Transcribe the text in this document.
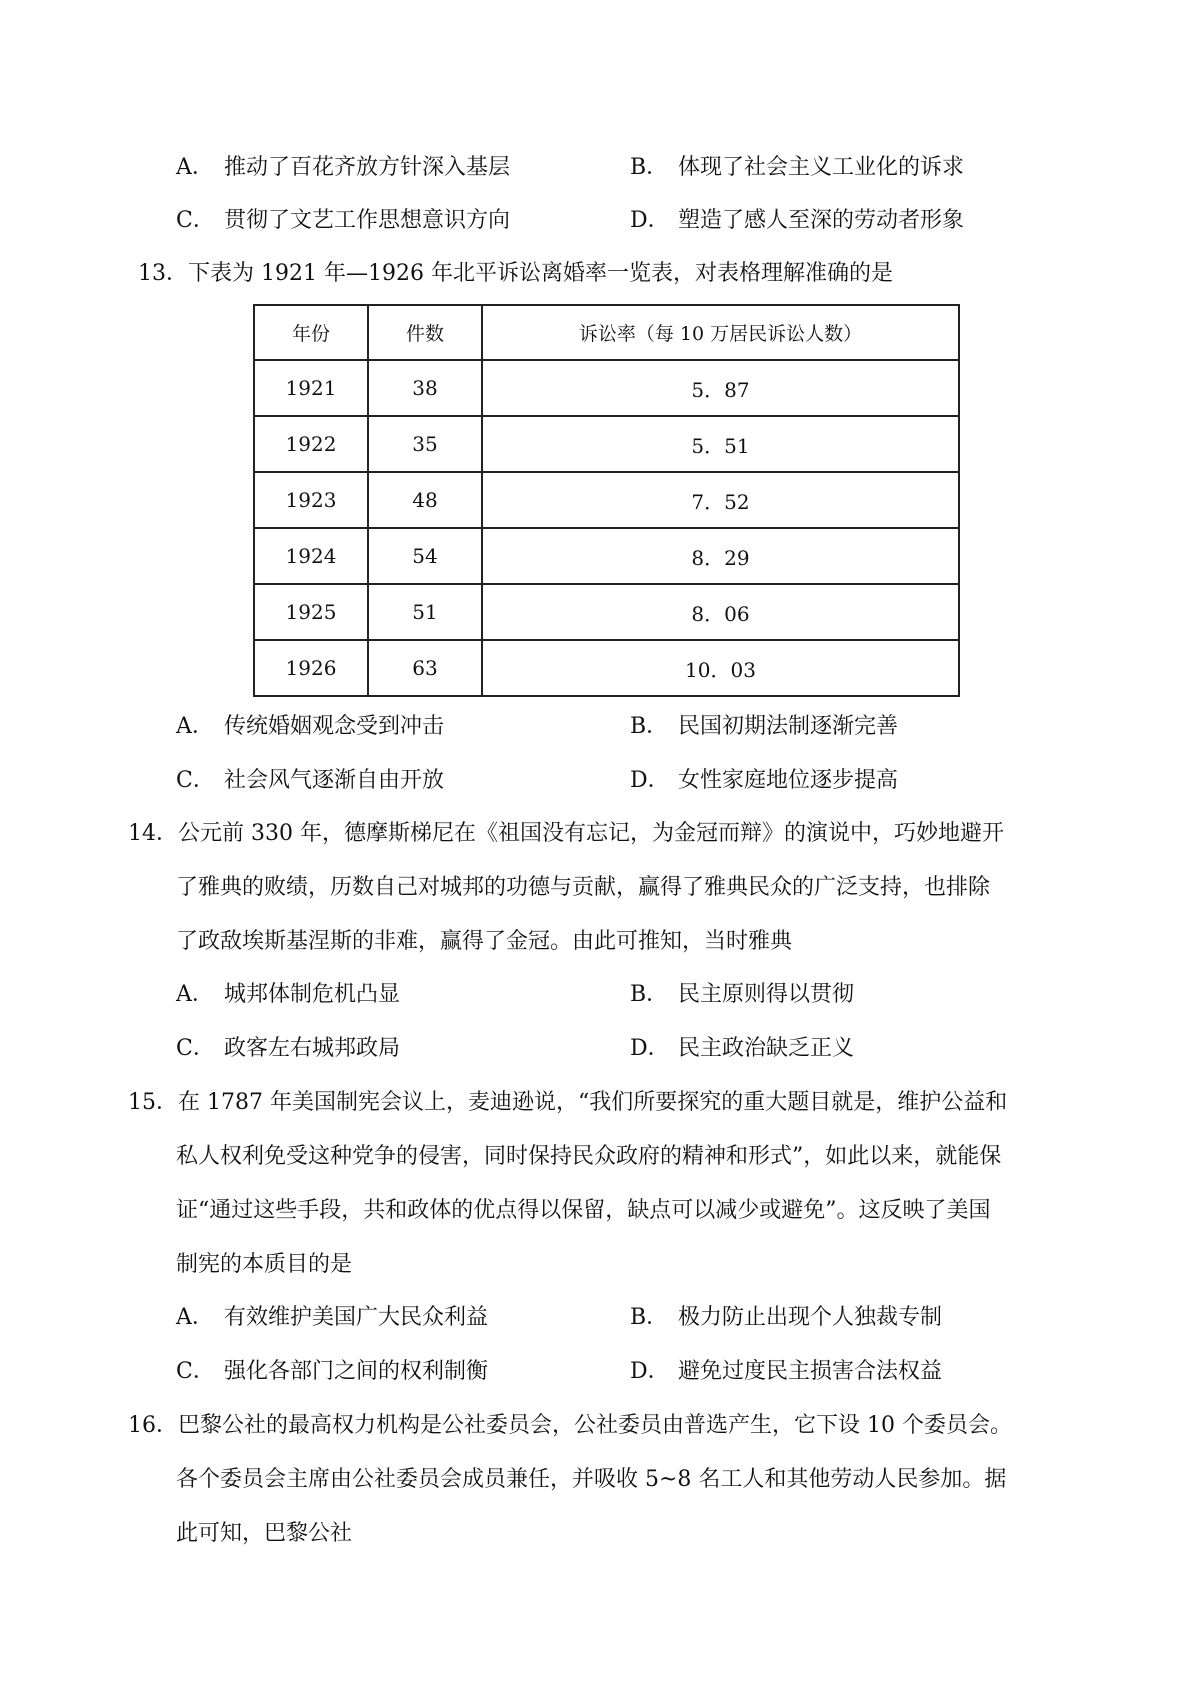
A． 推动了百花齐放方针深入基层	B． 体现了社会主义工业化的诉求
C． 贯彻了文艺工作思想意识方向	D． 塑造了感人至深的劳动者形象
13．下表为 1921 年—1926 年北平诉讼离婚率一览表，对表格理解准确的是
年份	件数	诉讼率（每 10 万居民诉讼人数）
1921	38	5．87
1922	35	5．51
1923	48	7．52
1924	54	8．29
1925	51	8．06
1926	63	10．03
A． 传统婚姻观念受到冲击	B． 民国初期法制逐渐完善
C． 社会风气逐渐自由开放	D． 女性家庭地位逐步提高
14．公元前 330 年，德摩斯梯尼在《祖国没有忘记，为金冠而辩》的演说中，巧妙地避开
了雅典的败绩，历数自己对城邦的功德与贡献，赢得了雅典民众的广泛支持，也排除
了政敌埃斯基涅斯的非难，赢得了金冠。由此可推知，当时雅典
A． 城邦体制危机凸显	B． 民主原则得以贯彻
C． 政客左右城邦政局	D． 民主政治缺乏正义
15．在 1787 年美国制宪会议上，麦迪逊说，“我们所要探究的重大题目就是，维护公益和
私人权利免受这种党争的侵害，同时保持民众政府的精神和形式”，如此以来，就能保
证“通过这些手段，共和政体的优点得以保留，缺点可以减少或避免”。这反映了美国
制宪的本质目的是
A． 有效维护美国广大民众利益	B． 极力防止出现个人独裁专制
C． 强化各部门之间的权利制衡	D． 避免过度民主损害合法权益
16．巴黎公社的最高权力机构是公社委员会，公社委员由普选产生，它下设 10 个委员会。
各个委员会主席由公社委员会成员兼任，并吸收 5~8 名工人和其他劳动人民参加。据
此可知，巴黎公社
